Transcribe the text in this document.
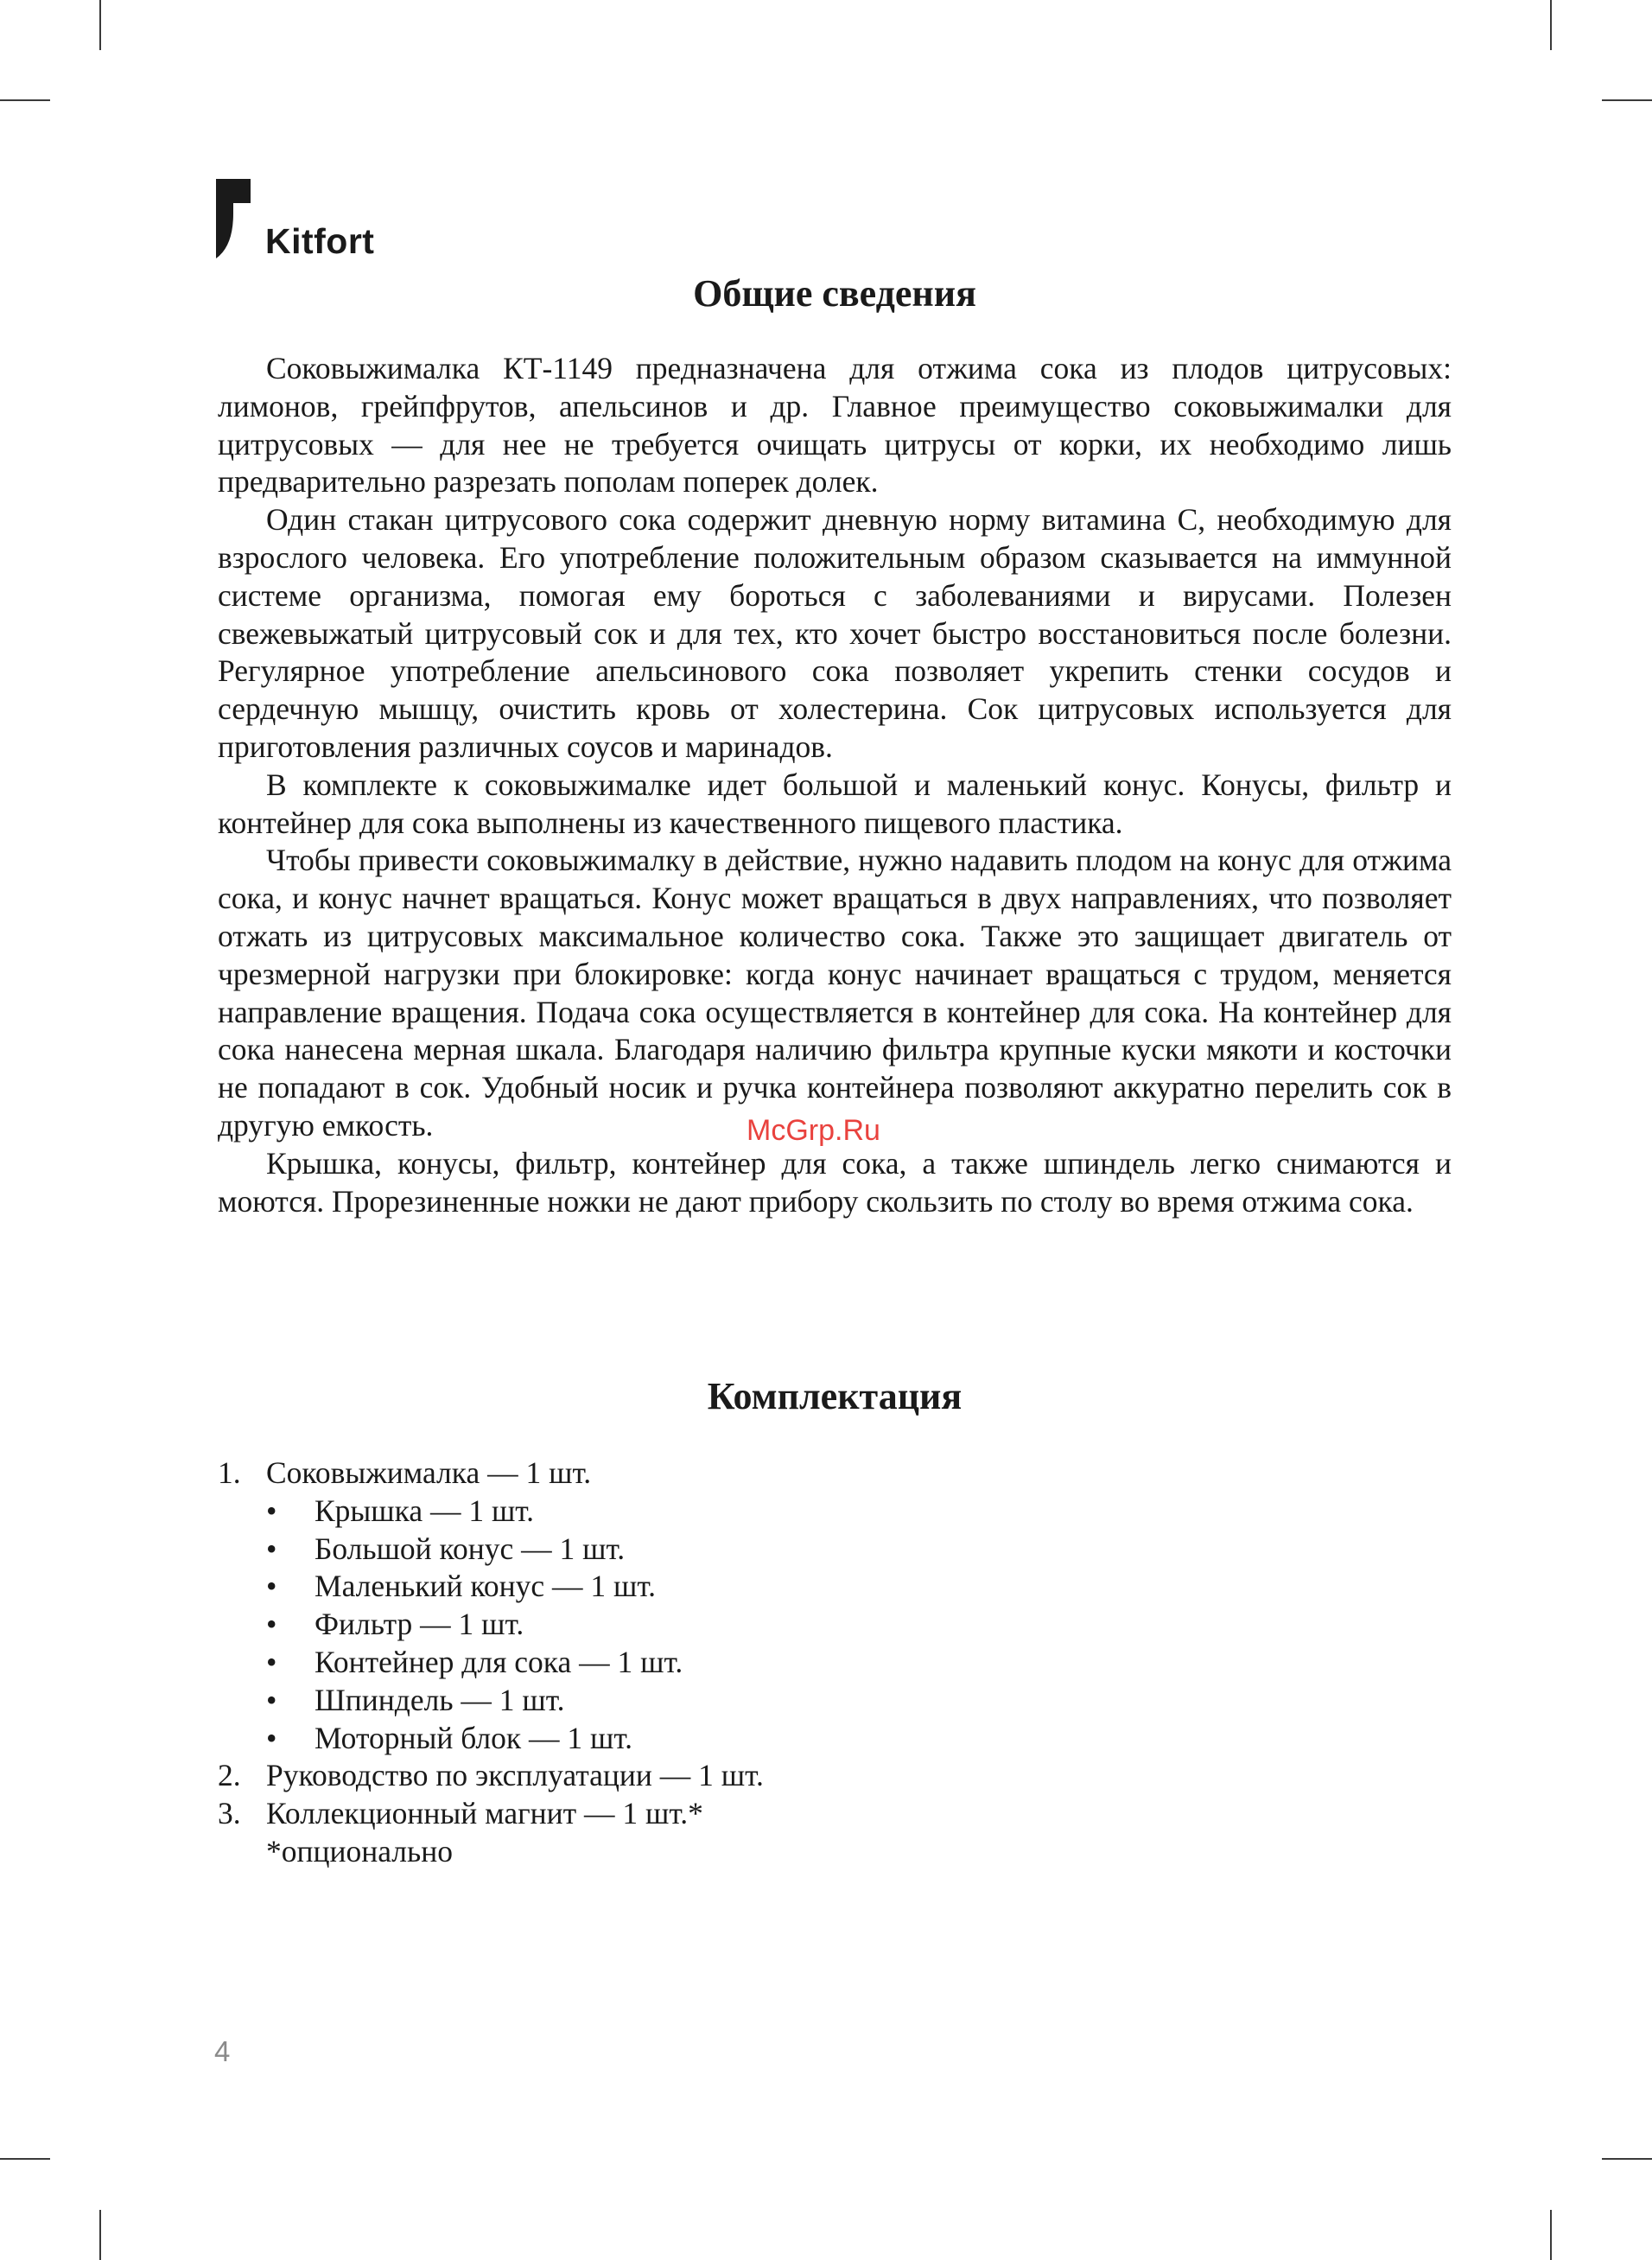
Kitfort
Общие сведения

Соковыжималка КТ-1149 предназначена для отжима сока из плодов цитрусовых: лимонов, грейпфрутов, апельсинов и др. Главное преимущество соковыжималки для цитрусовых — для нее не требуется очищать цитрусы от корки, их необходимо лишь предварительно разрезать пополам поперек долек.

Один стакан цитрусового сока содержит дневную норму витамина С, необходимую для взрослого человека. Его употребление положительным образом сказывается на иммунной системе организма, помогая ему бороться с заболеваниями и вирусами. Полезен свежевыжатый цитрусовый сок и для тех, кто хочет быстро восстановиться после болезни. Регулярное употребление апельсинового сока позволяет укрепить стенки сосудов и сердечную мышцу, очистить кровь от холестерина. Сок цитрусовых используется для приготовления различных соусов и маринадов.

В комплекте к соковыжималке идет большой и маленький конус. Конусы, фильтр и контейнер для сока выполнены из качественного пищевого пластика.

Чтобы привести соковыжималку в действие, нужно надавить плодом на конус для отжима сока, и конус начнет вращаться. Конус может вращаться в двух направлениях, что позволяет отжать из цитрусовых максимальное количество сока. Также это защищает двигатель от чрезмерной нагрузки при блокировке: когда конус начинает вращаться с трудом, меняется направление вращения. Подача сока осуществляется в контейнер для сока. На контейнер для сока нанесена мерная шкала. Благодаря наличию фильтра крупные куски мякоти и косточки не попадают в сок. Удобный носик и ручка контейнера позволяют аккуратно перелить сок в другую емкость.

Крышка, конусы, фильтр, контейнер для сока, а также шпиндель легко снимаются и моются. Прорезиненные ножки не дают прибору скользить по столу во время отжима сока.

McGrp.Ru
Комплектация
1. Соковыжималка — 1 шт.
•	Крышка — 1 шт.
•	Большой конус — 1 шт.
•	Маленький конус — 1 шт.
•	Фильтр — 1 шт.
•	Контейнер для сока — 1 шт.
•	Шпиндель — 1 шт.
•	Моторный блок — 1 шт.
2. Руководство по эксплуатации — 1 шт.
3. Коллекционный магнит — 1 шт.*
*опционально
4
